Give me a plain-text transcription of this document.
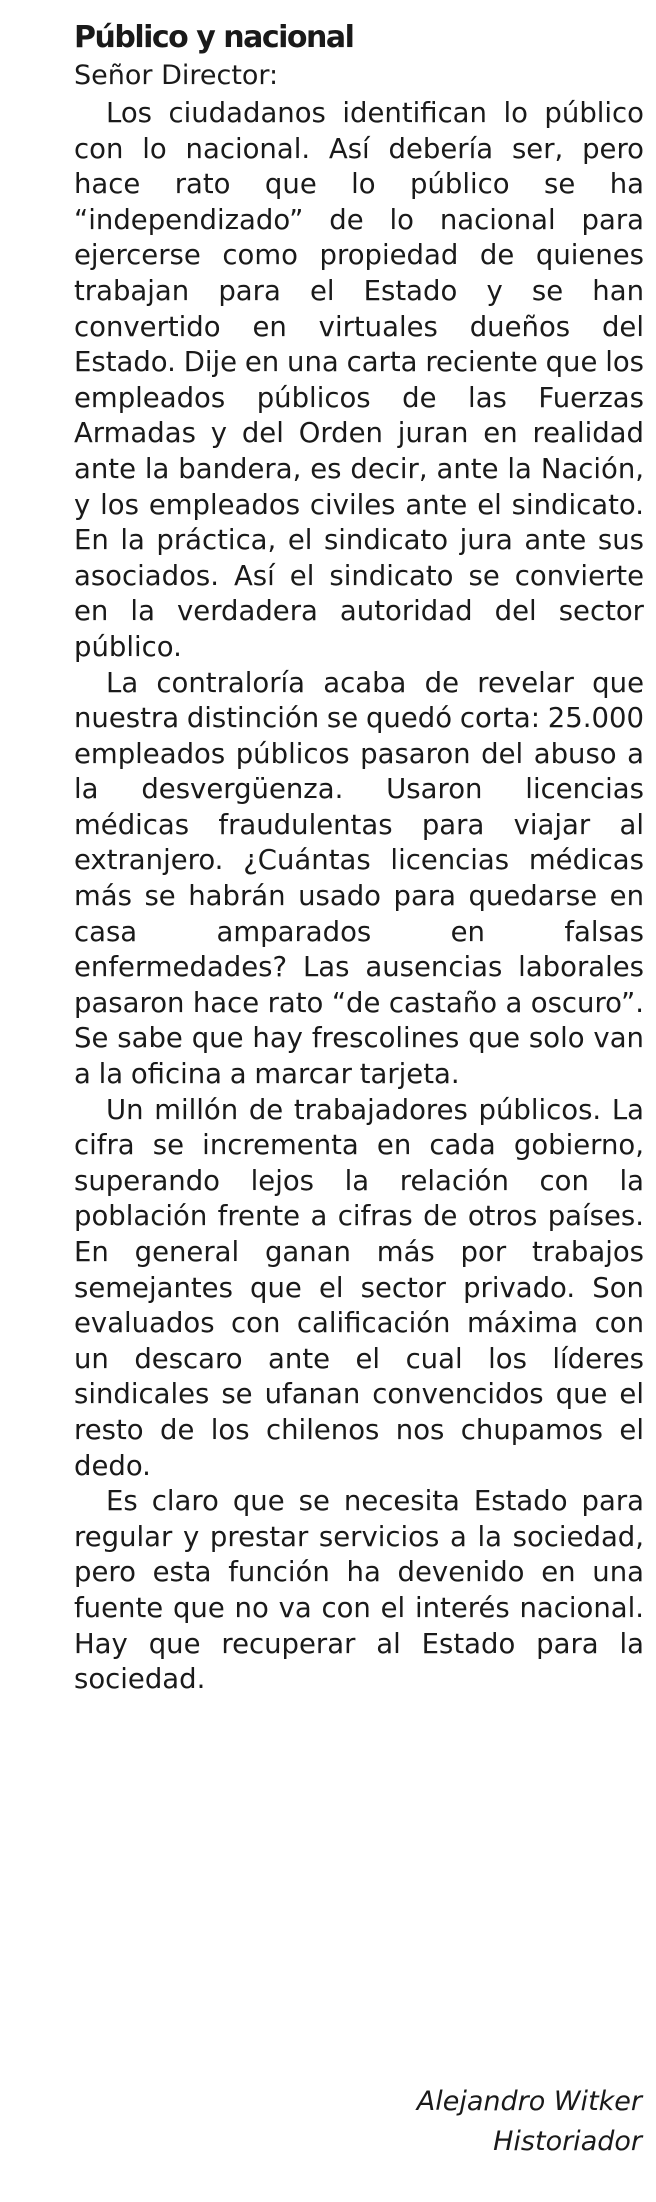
Público y nacional
Señor Director:

Los ciudadanos identifican lo público con lo nacional. Así debería ser, pero hace rato que lo público se ha “independizado” de lo nacional para ejercerse como propiedad de quienes trabajan para el Estado y se han convertido en virtuales dueños del Estado. Dije en una carta reciente que los empleados públicos de las Fuerzas Armadas y del Orden juran en realidad ante la bandera, es decir, ante la Nación, y los empleados civiles ante el sindicato. En la práctica, el sindicato jura ante sus asociados. Así el sindicato se convierte en la verdadera autoridad del sector público.

La contraloría acaba de revelar que nuestra distinción se quedó corta: 25.000 empleados públicos pasaron del abuso a la desvergüenza. Usaron licencias médicas fraudulentas para viajar al extranjero. ¿Cuántas licencias médicas más se habrán usado para quedarse en casa amparados en falsas enfermedades? Las ausencias laborales pasaron hace rato “de castaño a oscuro”. Se sabe que hay frescolines que solo van a la oficina a marcar tarjeta.

Un millón de trabajadores públicos. La cifra se incrementa en cada gobierno, superando lejos la relación con la población frente a cifras de otros países. En general ganan más por trabajos semejantes que el sector privado. Son evaluados con calificación máxima con un descaro ante el cual los líderes sindicales se ufanan convencidos que el resto de los chilenos nos chupamos el dedo.

Es claro que se necesita Estado para regular y prestar servicios a la sociedad, pero esta función ha devenido en una fuente que no va con el interés nacional. Hay que recuperar al Estado para la sociedad.

Alejandro Witker
Historiador
